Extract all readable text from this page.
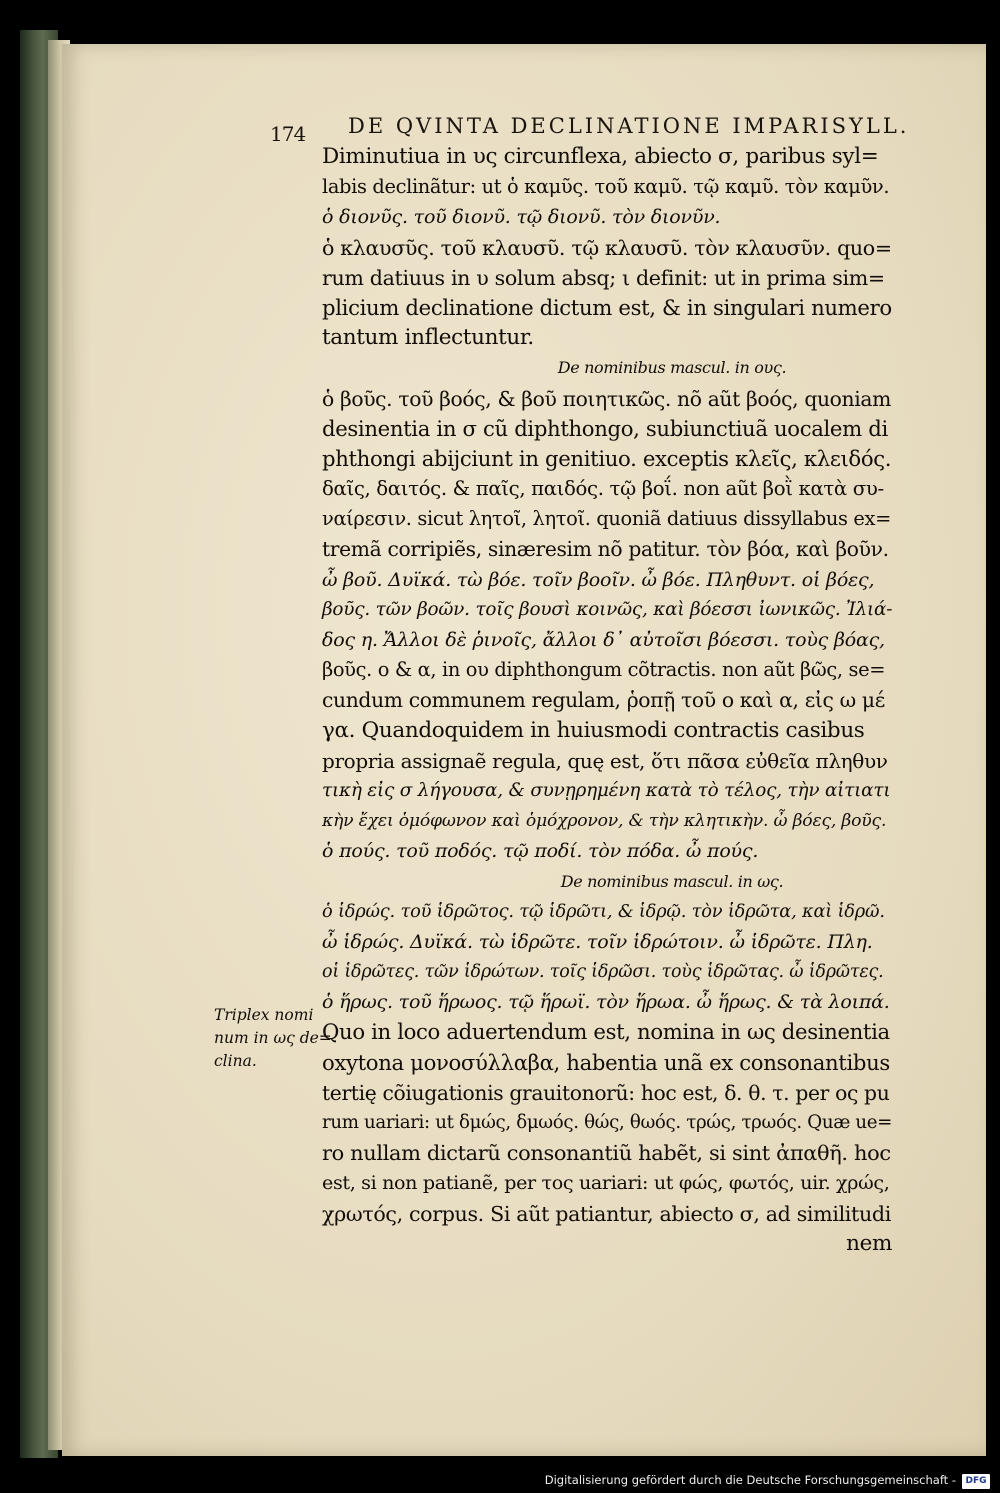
174 DE QVINTA DECLINATIONE IMPARISYLL.
Diminutiua in υς circunflexa, abiecto σ, paribus syl=
labis declinãtur: ut ὁ καμῦς. τοῦ καμῦ. τῷ καμῦ. τὸν καμῦν.
ὁ διονῦς. τοῦ διονῦ. τῷ διονῦ. τὸν διονῦν.
ὁ κλαυσῦς. τοῦ κλαυσῦ. τῷ κλαυσῦ. τὸν κλαυσῦν. quo=
rum datiuus in υ solum absq; ι definit: ut in prima sim=
plicium declinatione dictum est, & in singulari numero
tantum inflectuntur.
De nominibus mascul. in ους.
ὁ βοῦς. τοῦ βοός, & βοῦ ποιητικῶς. nõ aũt βοός, quoniam
desinentia in σ cũ diphthongo, subiunctiuã uocalem di
phthongi abijciunt in genitiuo. exceptis κλεῖς, κλειδός.
δαῖς, δαιτός. & παῖς, παιδός. τῷ βοΐ. non aũt βοῒ κατὰ συ-
ναίρεσιν. sicut λητοῖ, λητοῖ. quoniã datiuus dissyllabus ex=
tremã corripiẽs, sinæresim nõ patitur. τὸν βόα, καὶ βοῦν.
ὦ βοῦ. Δυϊκά. τὼ βόε. τοῖν βοοῖν. ὦ βόε. Πληθυντ. οἱ βόες,
βοῦς. τῶν βοῶν. τοῖς βουσὶ κοινῶς, καὶ βόεσσι ἰωνικῶς. Ἰλιά-
δος η. Ἄλλοι δὲ ῥινοῖς, ἄλλοι δ᾽ αὐτοῖσι βόεσσι. τοὺς βόας,
βοῦς. ο & α, in ου diphthongum cõtractis. non aũt βῶς, se=
cundum communem regulam, ῥοπῇ τοῦ ο καὶ α, εἰς ω μέ
γα. Quandoquidem in huiusmodi contractis casibus
propria assignaẽ regula, quę est, ὅτι πᾶσα εὐθεῖα πληθυν
τικὴ εἰς σ λήγουσα, & συνῃρημένη κατὰ τὸ τέλος, τὴν αἰτιατι
κὴν ἔχει ὁμόφωνον καὶ ὁμόχρονον, & τὴν κλητικὴν. ὦ βόες, βοῦς.
ὁ πούς. τοῦ ποδός. τῷ ποδί. τὸν πόδα. ὦ πούς.
De nominibus mascul. in ως.
ὁ ἱδρώς. τοῦ ἱδρῶτος. τῷ ἱδρῶτι, & ἱδρῷ. τὸν ἱδρῶτα, καὶ ἱδρῶ.
ὦ ἱδρώς. Δυϊκά. τὼ ἱδρῶτε. τοῖν ἱδρώτοιν. ὦ ἱδρῶτε. Πλη.
οἱ ἱδρῶτες. τῶν ἱδρώτων. τοῖς ἱδρῶσι. τοὺς ἱδρῶτας. ὦ ἱδρῶτες.
ὁ ἥρως. τοῦ ἥρωος. τῷ ἥρωϊ. τὸν ἥρωα. ὦ ἥρως. & τὰ λοιπά.
Quo in loco aduertendum est, nomina in ως desinentia
oxytona μονοσύλλαβα, habentia unã ex consonantibus
tertię cõiugationis grauitonorũ: hoc est, δ. θ. τ. per ος pu
rum uariari: ut δμώς, δμωός. θώς, θωός. τρώς, τρωός. Quæ ue=
ro nullam dictarũ consonantiũ habẽt, si sint ἀπαθῆ. hoc
est, si non patianẽ, per τος uariari: ut φώς, φωτός, uir. χρώς,
χρωτός, corpus. Si aũt patiantur, abiecto σ, ad similitudi
nem
Triplex nomi
num in ως de=
clina.
Digitalisierung gefördert durch die Deutsche Forschungsgemeinschaft -	DFG
